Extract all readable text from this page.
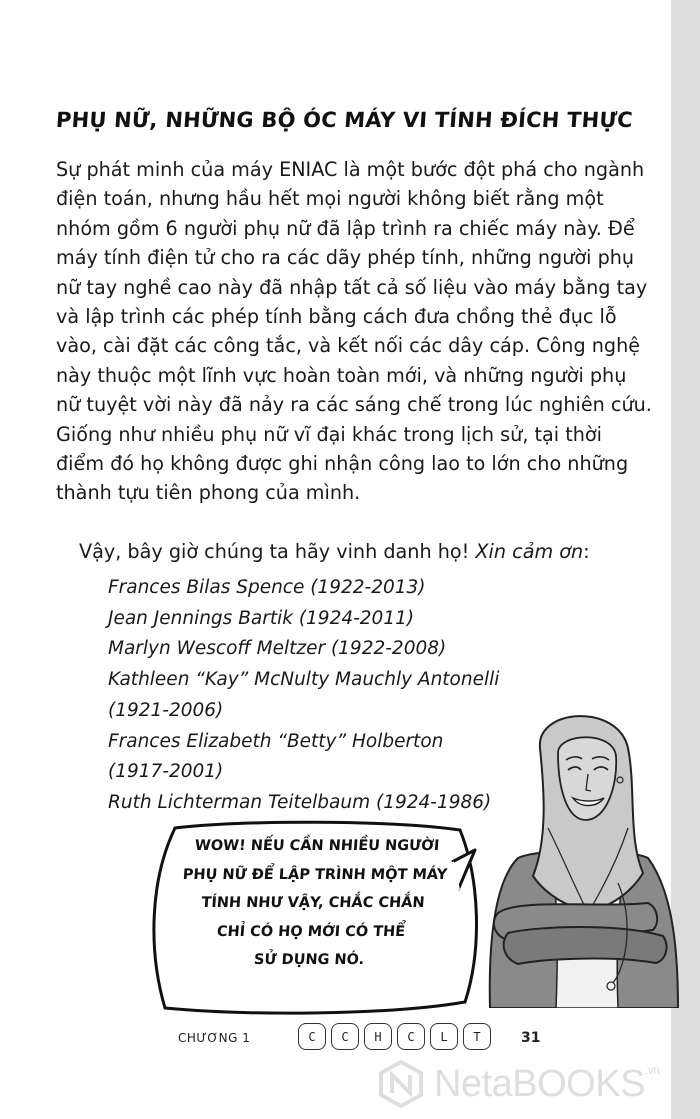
PHỤ NỮ, NHỮNG BỘ ÓC MÁY VI TÍNH ĐÍCH THỰC
Sự phát minh của máy ENIAC là một bước đột phá cho ngành
điện toán, nhưng hầu hết mọi người không biết rằng một
nhóm gồm 6 người phụ nữ đã lập trình ra chiếc máy này. Để
máy tính điện tử cho ra các dãy phép tính, những người phụ
nữ tay nghề cao này đã nhập tất cả số liệu vào máy bằng tay
và lập trình các phép tính bằng cách đưa chồng thẻ đục lỗ
vào, cài đặt các công tắc, và kết nối các dây cáp. Công nghệ
này thuộc một lĩnh vực hoàn toàn mới, và những người phụ
nữ tuyệt vời này đã nảy ra các sáng chế trong lúc nghiên cứu.
Giống như nhiều phụ nữ vĩ đại khác trong lịch sử, tại thời
điểm đó họ không được ghi nhận công lao to lớn cho những
thành tựu tiên phong của mình.
Vậy, bây giờ chúng ta hãy vinh danh họ! Xin cảm ơn:
Frances Bilas Spence (1922-2013)
Jean Jennings Bartik (1924-2011)
Marlyn Wescoff Meltzer (1922-2008)
Kathleen “Kay” McNulty Mauchly Antonelli
(1921-2006)
Frances Elizabeth “Betty” Holberton
(1917-2001)
Ruth Lichterman Teitelbaum (1924-1986)
WOW! NẾU CẦN NHIỀU NGƯỜI
PHỤ NỮ ĐỂ LẬP TRÌNH MỘT MÁY
TÍNH NHƯ VẬY, CHẮC CHẮN
CHỈ CÓ HỌ MỚI CÓ THỂ
SỬ DỤNG NÓ.
CHƯƠNG 1	C	C	H	C	L	T	31
NetaBOOKS$^{.vn}$
